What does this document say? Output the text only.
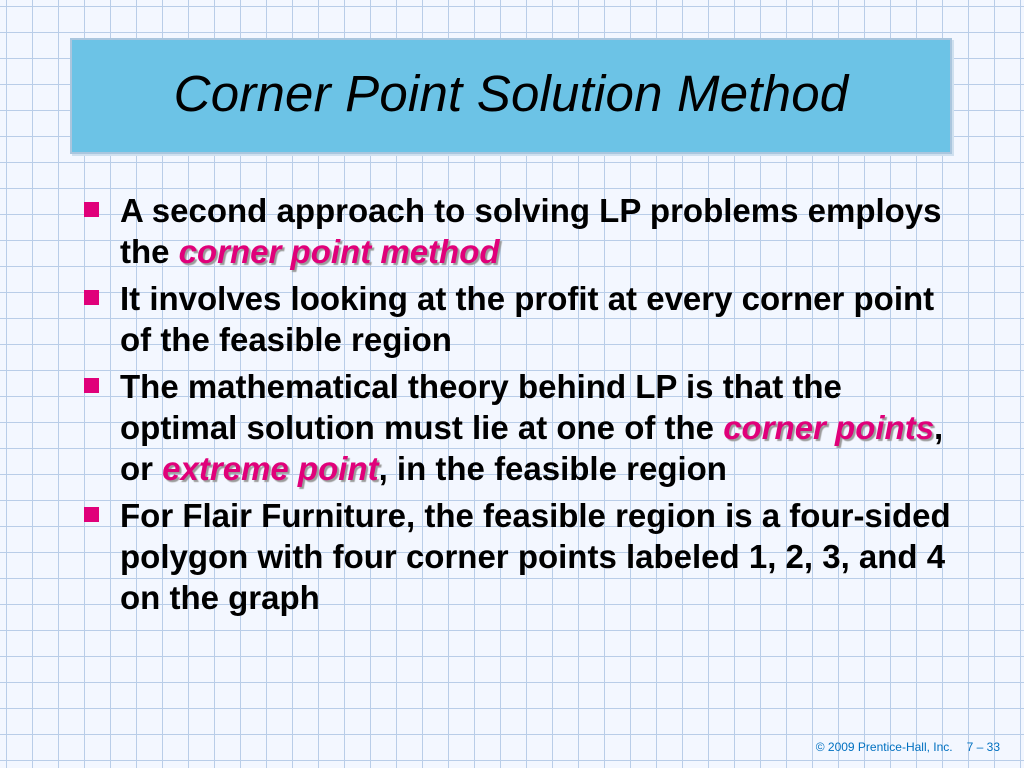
Corner Point Solution Method
A second approach to solving LP problems employs the corner point method
It involves looking at the profit at every corner point of the feasible region
The mathematical theory behind LP is that the optimal solution must lie at one of the corner points, or extreme point, in the feasible region
For Flair Furniture, the feasible region is a four-sided polygon with four corner points labeled 1, 2, 3, and 4 on the graph
© 2009 Prentice-Hall, Inc. 7 – 33
